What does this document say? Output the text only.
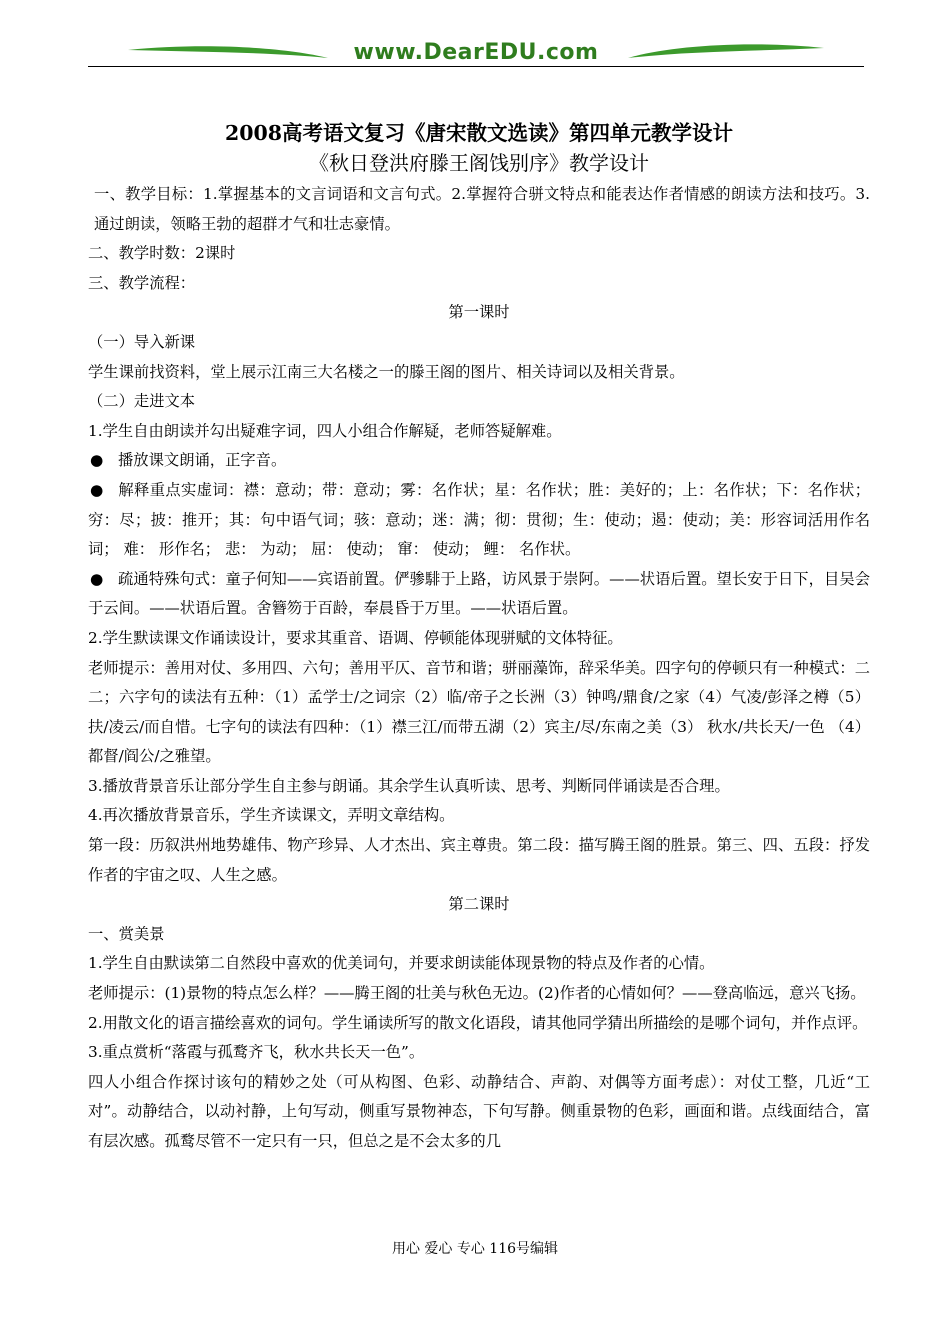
www.DearEDU.com

2008高考语文复习《唐宋散文选读》第四单元教学设计

《秋日登洪府滕王阁饯别序》教学设计

一、教学目标：1.掌握基本的文言词语和文言句式。2.掌握符合骈文特点和能表达作者情感的朗读方法和技巧。3.通过朗读，领略王勃的超群才气和壮志豪情。

二、教学时数：2课时

三、教学流程：

第一课时

（一）导入新课

学生课前找资料，堂上展示江南三大名楼之一的滕王阁的图片、相关诗词以及相关背景。

（二）走进文本

1.学生自由朗读并勾出疑难字词，四人小组合作解疑，老师答疑解难。

● 播放课文朗诵，正字音。

● 解释重点实虚词：襟：意动；带：意动；雾：名作状；星：名作状；胜：美好的；上：名作状；下：名作状；穷：尽；披：推开；其：句中语气词；骇：意动；迷：满；彻：贯彻；生：使动；遏：使动；美：形容词活用作名词； 难： 形作名； 悲： 为动； 屈： 使动； 窜： 使动； 鲤： 名作状。

● 疏通特殊句式：童子何知——宾语前置。俨骖騑于上路，访风景于崇阿。——状语后置。望长安于日下，目吴会于云间。——状语后置。舍簪笏于百龄，奉晨昏于万里。——状语后置。

2.学生默读课文作诵读设计，要求其重音、语调、停顿能体现骈赋的文体特征。

老师提示：善用对仗、多用四、六句；善用平仄、音节和谐；骈丽藻饰，辞采华美。四字句的停顿只有一种模式：二 二；六字句的读法有五种：（1）孟学士/之词宗（2）临/帝子之长洲（3）钟鸣/鼎食/之家（4）气凌/彭泽之樽（5）扶/凌云/而自惜。七字句的读法有四种：（1）襟三江/而带五湖（2）宾主/尽/东南之美（3） 秋水/共长天/一色 （4）都督/阎公/之雅望。

3.播放背景音乐让部分学生自主参与朗诵。其余学生认真听读、思考、判断同伴诵读是否合理。

4.再次播放背景音乐，学生齐读课文，弄明文章结构。

第一段：历叙洪州地势雄伟、物产珍异、人才杰出、宾主尊贵。第二段：描写腾王阁的胜景。第三、四、五段：抒发作者的宇宙之叹、人生之感。

第二课时

一、赏美景

1.学生自由默读第二自然段中喜欢的优美词句，并要求朗读能体现景物的特点及作者的心情。

老师提示：(1)景物的特点怎么样？——腾王阁的壮美与秋色无边。(2)作者的心情如何？——登高临远，意兴飞扬。

2.用散文化的语言描绘喜欢的词句。学生诵读所写的散文化语段，请其他同学猜出所描绘的是哪个词句，并作点评。

3.重点赏析“落霞与孤鹜齐飞，秋水共长天一色”。

四人小组合作探讨该句的精妙之处（可从构图、色彩、动静结合、声韵、对偶等方面考虑）：对仗工整，几近“工对”。动静结合，以动衬静，上句写动，侧重写景物神态，下句写静。侧重景物的色彩，画面和谐。点线面结合，富有层次感。孤鹜尽管不一定只有一只，但总之是不会太多的几

用心 爱心 专心 116号编辑
